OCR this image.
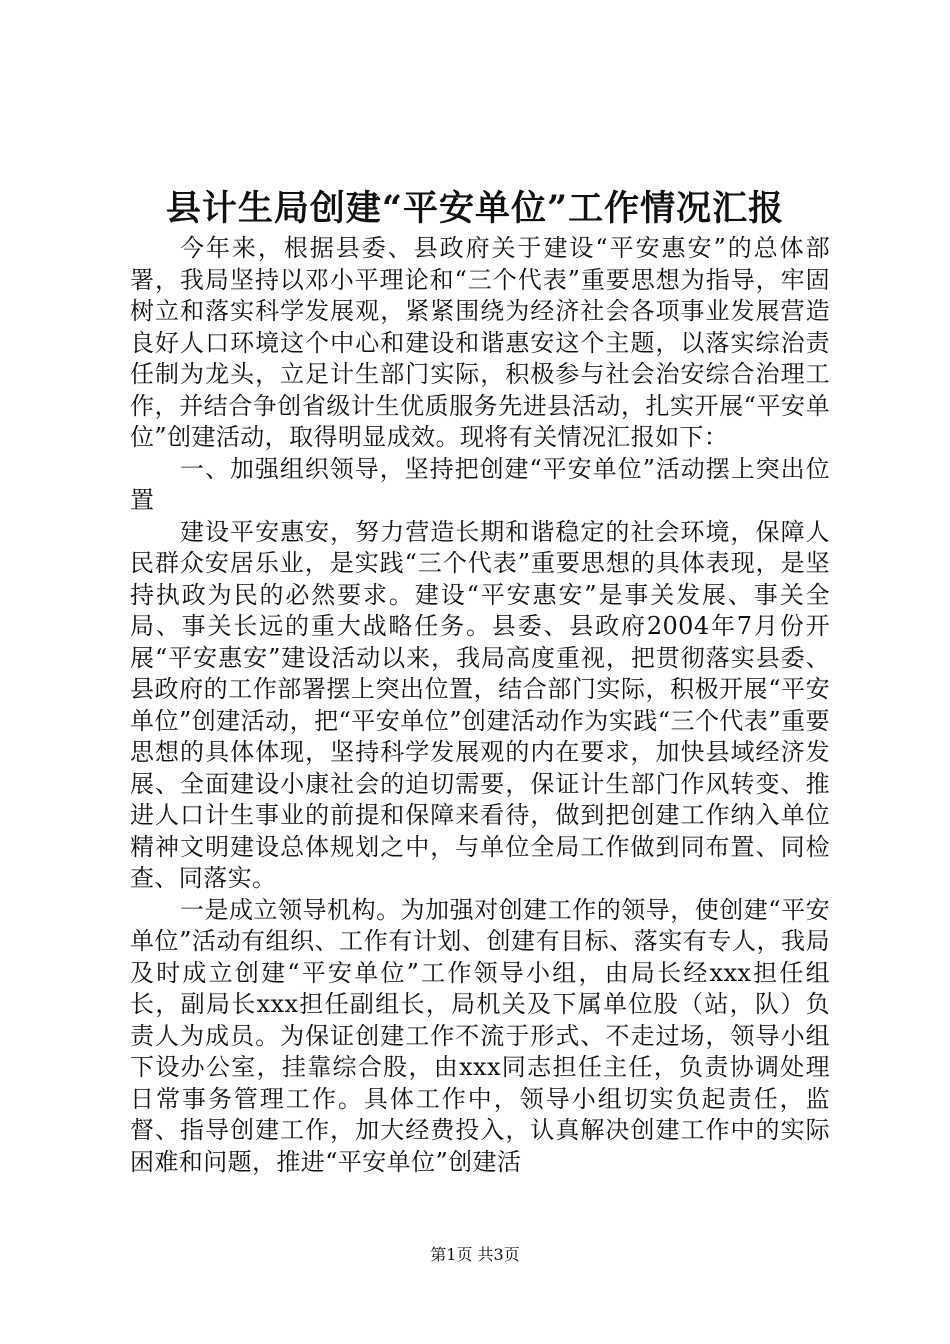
县计生局创建“平安单位”工作情况汇报

今年来，根据县委、县政府关于建设“平安惠安”的总体部署，我局坚持以邓小平理论和“三个代表”重要思想为指导，牢固树立和落实科学发展观，紧紧围绕为经济社会各项事业发展营造良好人口环境这个中心和建设和谐惠安这个主题，以落实综治责任制为龙头，立足计生部门实际，积极参与社会治安综合治理工作，并结合争创省级计生优质服务先进县活动，扎实开展“平安单位”创建活动，取得明显成效。现将有关情况汇报如下：

一、加强组织领导，坚持把创建“平安单位”活动摆上突出位置

建设平安惠安，努力营造长期和谐稳定的社会环境，保障人民群众安居乐业，是实践“三个代表”重要思想的具体表现，是坚持执政为民的必然要求。建设“平安惠安”是事关发展、事关全局、事关长远的重大战略任务。县委、县政府2004年7月份开展“平安惠安”建设活动以来，我局高度重视，把贯彻落实县委、县政府的工作部署摆上突出位置，结合部门实际，积极开展“平安单位”创建活动，把“平安单位”创建活动作为实践“三个代表”重要思想的具体体现，坚持科学发展观的内在要求，加快县域经济发展、全面建设小康社会的迫切需要，保证计生部门作风转变、推进人口计生事业的前提和保障来看待，做到把创建工作纳入单位精神文明建设总体规划之中，与单位全局工作做到同布置、同检查、同落实。

一是成立领导机构。为加强对创建工作的领导，使创建“平安单位”活动有组织、工作有计划、创建有目标、落实有专人，我局及时成立创建“平安单位”工作领导小组，由局长经xxx担任组长，副局长xxx担任副组长，局机关及下属单位股（站，队）负责人为成员。为保证创建工作不流于形式、不走过场，领导小组下设办公室，挂靠综合股，由xxx同志担任主任，负责协调处理日常事务管理工作。具体工作中，领导小组切实负起责任，监督、指导创建工作，加大经费投入，认真解决创建工作中的实际困难和问题，推进“平安单位”创建活

第1页 共3页
